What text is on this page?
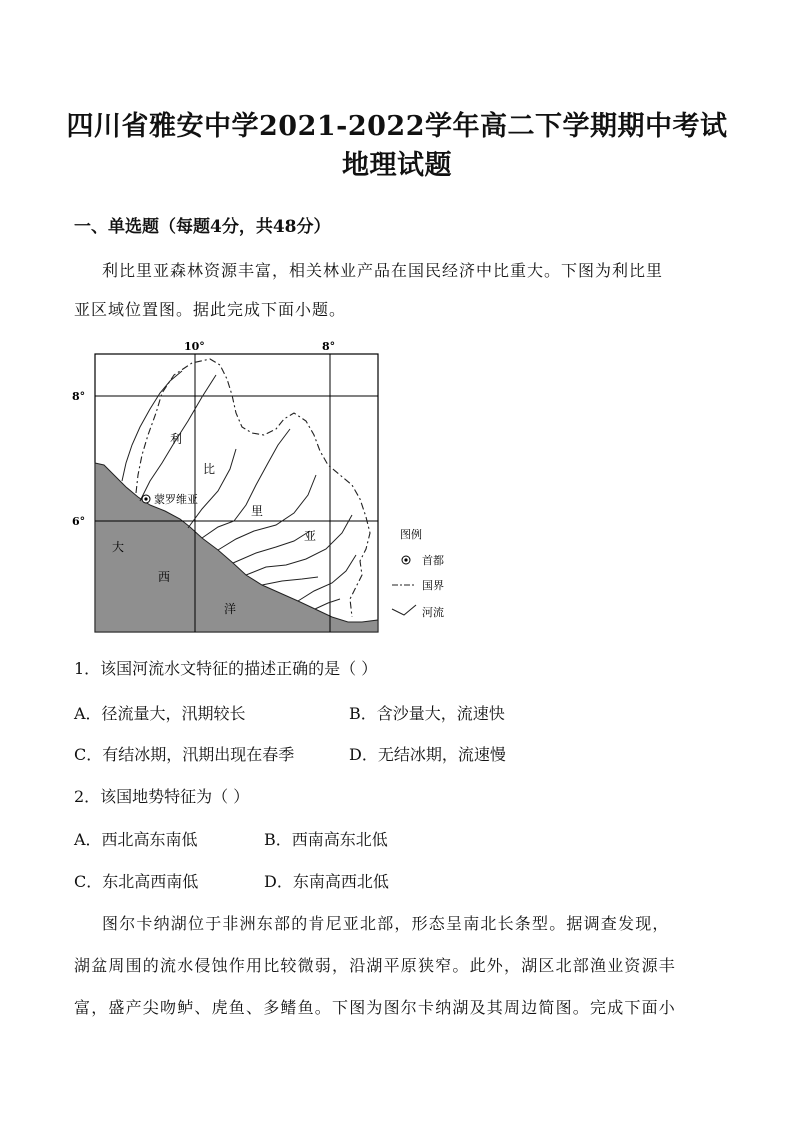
四川省雅安中学2021-2022学年高二下学期期中考试
地理试题
一、单选题（每题4分，共48分）
利比里亚森林资源丰富，相关林业产品在国民经济中比重大。下图为利比里
亚区域位置图。据此完成下面小题。
10°	8°
8°
6°
利
比
里
亚
大
西
洋
蒙罗维亚
图例
首都
国界
河流
1．该国河流水文特征的描述正确的是（ ）
A．径流量大，汛期较长	B．含沙量大，流速快
C．有结冰期，汛期出现在春季	D．无结冰期，流速慢
2．该国地势特征为（ ）
A．西北高东南低	B．西南高东北低
C．东北高西南低	D．东南高西北低
图尔卡纳湖位于非洲东部的肯尼亚北部，形态呈南北长条型。据调查发现，
湖盆周围的流水侵蚀作用比较微弱，沿湖平原狭窄。此外，湖区北部渔业资源丰
富，盛产尖吻鲈、虎鱼、多鳍鱼。下图为图尔卡纳湖及其周边简图。完成下面小
